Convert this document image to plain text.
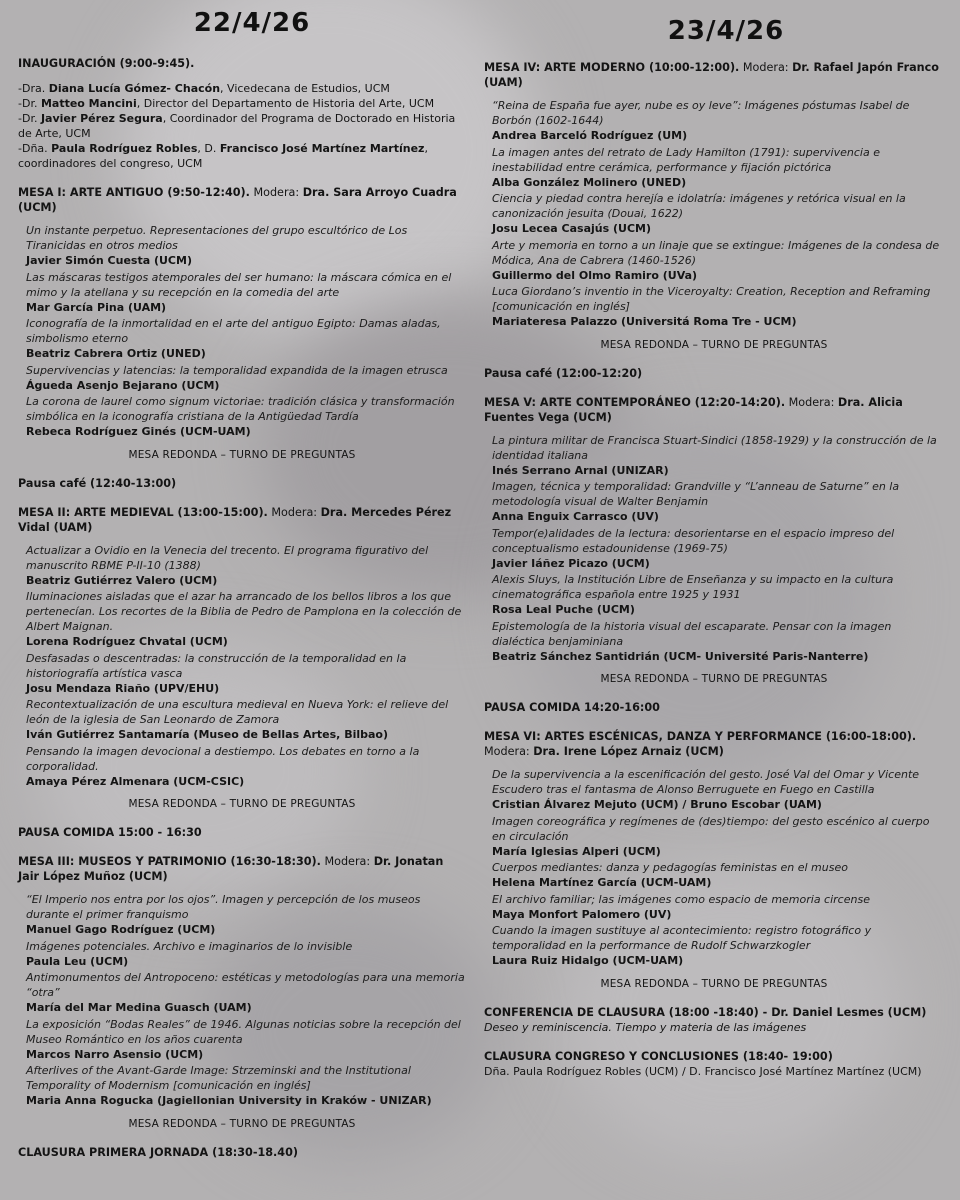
22/4/26
INAUGURACIÓN (9:00-9:45).

-Dra. Diana Lucía Gómez- Chacón, Vicedecana de Estudios, UCM

-Dr. Matteo Mancini, Director del Departamento de Historia del Arte, UCM

-Dr. Javier Pérez Segura, Coordinador del Programa de Doctorado en Historia de Arte, UCM

-Dña. Paula Rodríguez Robles, D. Francisco José Martínez Martínez, coordinadores del congreso, UCM

MESA I: ARTE ANTIGUO (9:50-12:40). Modera: Dra. Sara Arroyo Cuadra (UCM)
Un instante perpetuo. Representaciones del grupo escultórico de Los Tiranicidas en otros medios
Javier Simón Cuesta (UCM)
Las máscaras testigos atemporales del ser humano: la máscara cómica en el mimo y la atellana y su recepción en la comedia del arte
Mar García Pina (UAM)
Iconografía de la inmortalidad en el arte del antiguo Egipto: Damas aladas, simbolismo eterno
Beatriz Cabrera Ortiz (UNED)
Supervivencias y latencias: la temporalidad expandida de la imagen etrusca
Águeda Asenjo Bejarano (UCM)
La corona de laurel como signum victoriae: tradición clásica y transformación simbólica en la iconografía cristiana de la Antigüedad Tardía
Rebeca Rodríguez Ginés (UCM-UAM)
MESA REDONDA – TURNO DE PREGUNTAS
Pausa café (12:40-13:00)
MESA II: ARTE MEDIEVAL (13:00-15:00). Modera: Dra. Mercedes Pérez Vidal (UAM)
Actualizar a Ovidio en la Venecia del trecento. El programa figurativo del manuscrito RBME P-II-10 (1388)
Beatriz Gutiérrez Valero (UCM)
Iluminaciones aisladas que el azar ha arrancado de los bellos libros a los que pertenecían. Los recortes de la Biblia de Pedro de Pamplona en la colección de Albert Maignan.
Lorena Rodríguez Chvatal (UCM)
Desfasadas o descentradas: la construcción de la temporalidad en la historiografía artística vasca
Josu Mendaza Riaño (UPV/EHU)
Recontextualización de una escultura medieval en Nueva York: el relieve del león de la iglesia de San Leonardo de Zamora
Iván Gutiérrez Santamaría (Museo de Bellas Artes, Bilbao)
Pensando la imagen devocional a destiempo. Los debates en torno a la corporalidad.
Amaya Pérez Almenara (UCM-CSIC)
MESA REDONDA – TURNO DE PREGUNTAS
PAUSA COMIDA 15:00 - 16:30
MESA III: MUSEOS Y PATRIMONIO (16:30-18:30). Modera: Dr. Jonatan Jair López Muñoz (UCM)
“El Imperio nos entra por los ojos”. Imagen y percepción de los museos durante el primer franquismo
Manuel Gago Rodríguez (UCM)
Imágenes potenciales. Archivo e imaginarios de lo invisible
Paula Leu (UCM)
Antimonumentos del Antropoceno: estéticas y metodologías para una memoria “otra”
María del Mar Medina Guasch (UAM)
La exposición “Bodas Reales” de 1946. Algunas noticias sobre la recepción del Museo Romántico en los años cuarenta
Marcos Narro Asensio (UCM)
Afterlives of the Avant-Garde Image: Strzeminski and the Institutional Temporality of Modernism [comunicación en inglés]
Maria Anna Rogucka (Jagiellonian University in Kraków - UNIZAR)
MESA REDONDA – TURNO DE PREGUNTAS
CLAUSURA PRIMERA JORNADA (18:30-18.40)
23/4/26
MESA IV: ARTE MODERNO (10:00-12:00). Modera: Dr. Rafael Japón Franco (UAM)
“Reina de España fue ayer, nube es oy leve”: Imágenes póstumas Isabel de Borbón (1602-1644)
Andrea Barceló Rodríguez (UM)
La imagen antes del retrato de Lady Hamilton (1791): supervivencia e inestabilidad entre cerámica, performance y fijación pictórica
Alba González Molinero (UNED)
Ciencia y piedad contra herejía e idolatría: imágenes y retórica visual en la canonización jesuita (Douai, 1622)
Josu Lecea Casajús (UCM)
Arte y memoria en torno a un linaje que se extingue: Imágenes de la condesa de Módica, Ana de Cabrera (1460-1526)
Guillermo del Olmo Ramiro (UVa)
Luca Giordano’s inventio in the Viceroyalty: Creation, Reception and Reframing [comunicación en inglés]
Mariateresa Palazzo (Universitá Roma Tre - UCM)
MESA REDONDA – TURNO DE PREGUNTAS
Pausa café (12:00-12:20)
MESA V: ARTE CONTEMPORÁNEO (12:20-14:20). Modera: Dra. Alicia Fuentes Vega (UCM)
La pintura militar de Francisca Stuart-Sindici (1858-1929) y la construcción de la identidad italiana
Inés Serrano Arnal (UNIZAR)
Imagen, técnica y temporalidad: Grandville y “L’anneau de Saturne” en la metodología visual de Walter Benjamin
Anna Enguix Carrasco (UV)
Tempor(e)alidades de la lectura: desorientarse en el espacio impreso del conceptualismo estadounidense (1969-75)
Javier Iáñez Picazo (UCM)
Alexis Sluys, la Institución Libre de Enseñanza y su impacto en la cultura cinematográfica española entre 1925 y 1931
Rosa Leal Puche (UCM)
Epistemología de la historia visual del escaparate. Pensar con la imagen dialéctica benjaminiana
Beatriz Sánchez Santidrián (UCM- Université Paris-Nanterre)
MESA REDONDA – TURNO DE PREGUNTAS
PAUSA COMIDA 14:20-16:00
MESA VI: ARTES ESCÉNICAS, DANZA Y PERFORMANCE (16:00-18:00). Modera: Dra. Irene López Arnaiz (UCM)
De la supervivencia a la escenificación del gesto. José Val del Omar y Vicente Escudero tras el fantasma de Alonso Berruguete en Fuego en Castilla
Cristian Álvarez Mejuto (UCM) / Bruno Escobar (UAM)
Imagen coreográfica y regímenes de (des)tiempo: del gesto escénico al cuerpo en circulación
María Iglesias Alperi (UCM)
Cuerpos mediantes: danza y pedagogías feministas en el museo
Helena Martínez García (UCM-UAM)
El archivo familiar; las imágenes como espacio de memoria circense
Maya Monfort Palomero (UV)
Cuando la imagen sustituye al acontecimiento: registro fotográfico y temporalidad en la performance de Rudolf Schwarzkogler
Laura Ruiz Hidalgo (UCM-UAM)
MESA REDONDA – TURNO DE PREGUNTAS
CONFERENCIA DE CLAUSURA (18:00 -18:40) - Dr. Daniel Lesmes (UCM)
Deseo y reminiscencia. Tiempo y materia de las imágenes
CLAUSURA CONGRESO Y CONCLUSIONES (18:40- 19:00)
Dña. Paula Rodríguez Robles (UCM) / D. Francisco José Martínez Martínez (UCM)
